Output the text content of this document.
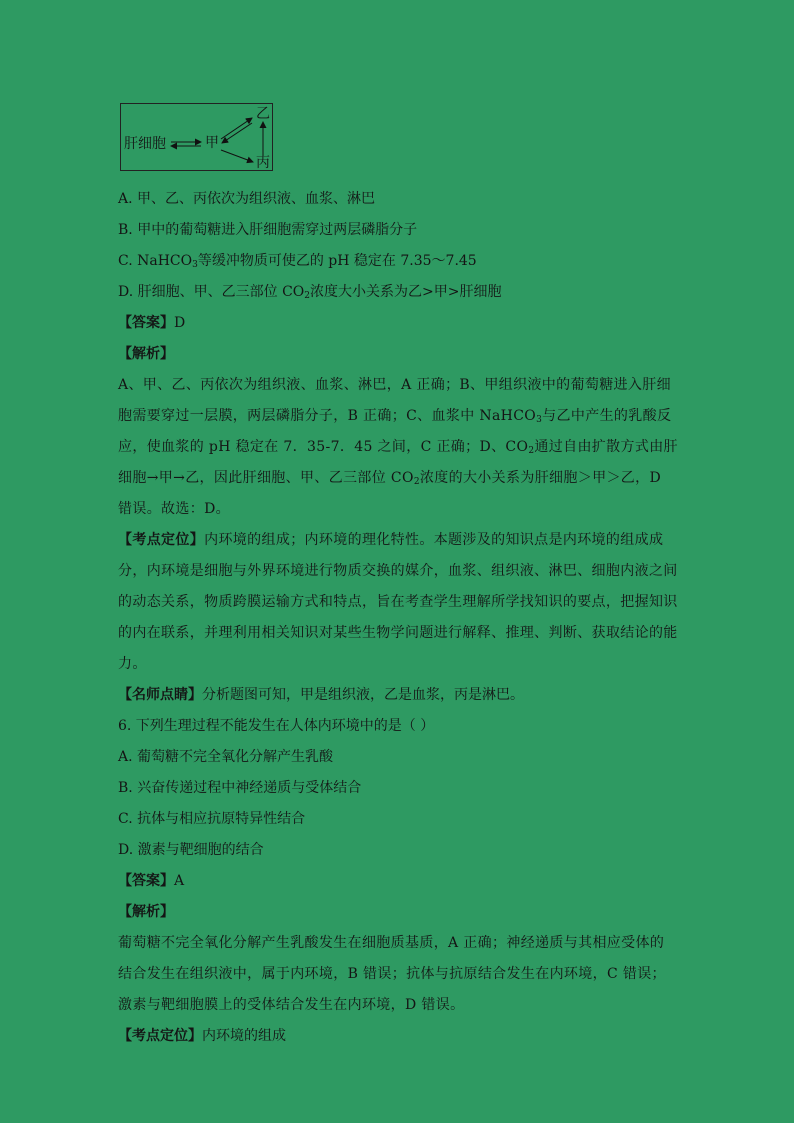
肝细胞	甲
乙
丙
A. 甲、乙、丙依次为组织液、血浆、淋巴
B. 甲中的葡萄糖进入肝细胞需穿过两层磷脂分子
C. NaHCO$_3$等缓冲物质可使乙的 pH 稳定在 7.35～7.45
D. 肝细胞、甲、乙三部位 $CO_2$浓度大小关系为乙>甲>肝细胞
【答案】D
【解析】
A、甲、乙、丙依次为组织液、血浆、淋巴，A 正确；B、甲组织液中的葡萄糖进入肝细胞需要穿过一层膜，两层磷脂分子，B 正确；C、血浆中 NaHCO$_3$与乙中产生的乳酸反应，使血浆的 pH 稳定在 7．35-7．45 之间，C 正确；D、$CO_2$通过自由扩散方式由肝细胞→甲→乙，因此肝细胞、甲、乙三部位 $CO_2$浓度的大小关系为肝细胞＞甲＞乙，D 错误。故选：D。
【考点定位】内环境的组成；内环境的理化特性。本题涉及的知识点是内环境的组成成分，内环境是细胞与外界环境进行物质交换的媒介，血浆、组织液、淋巴、细胞内液之间的动态关系，物质跨膜运输方式和特点，旨在考查学生理解所学找知识的要点，把握知识的内在联系，并理利用相关知识对某些生物学问题进行解释、推理、判断、获取结论的能力。
【名师点睛】分析题图可知，甲是组织液，乙是血浆，丙是淋巴。
6. 下列生理过程不能发生在人体内环境中的是（ ）
A. 葡萄糖不完全氧化分解产生乳酸
B. 兴奋传递过程中神经递质与受体结合
C. 抗体与相应抗原特异性结合
D. 激素与靶细胞的结合
【答案】A
【解析】
葡萄糖不完全氧化分解产生乳酸发生在细胞质基质，A 正确；神经递质与其相应受体的结合发生在组织液中，属于内环境，B 错误；抗体与抗原结合发生在内环境，C 错误；激素与靶细胞膜上的受体结合发生在内环境，D 错误。
【考点定位】内环境的组成
